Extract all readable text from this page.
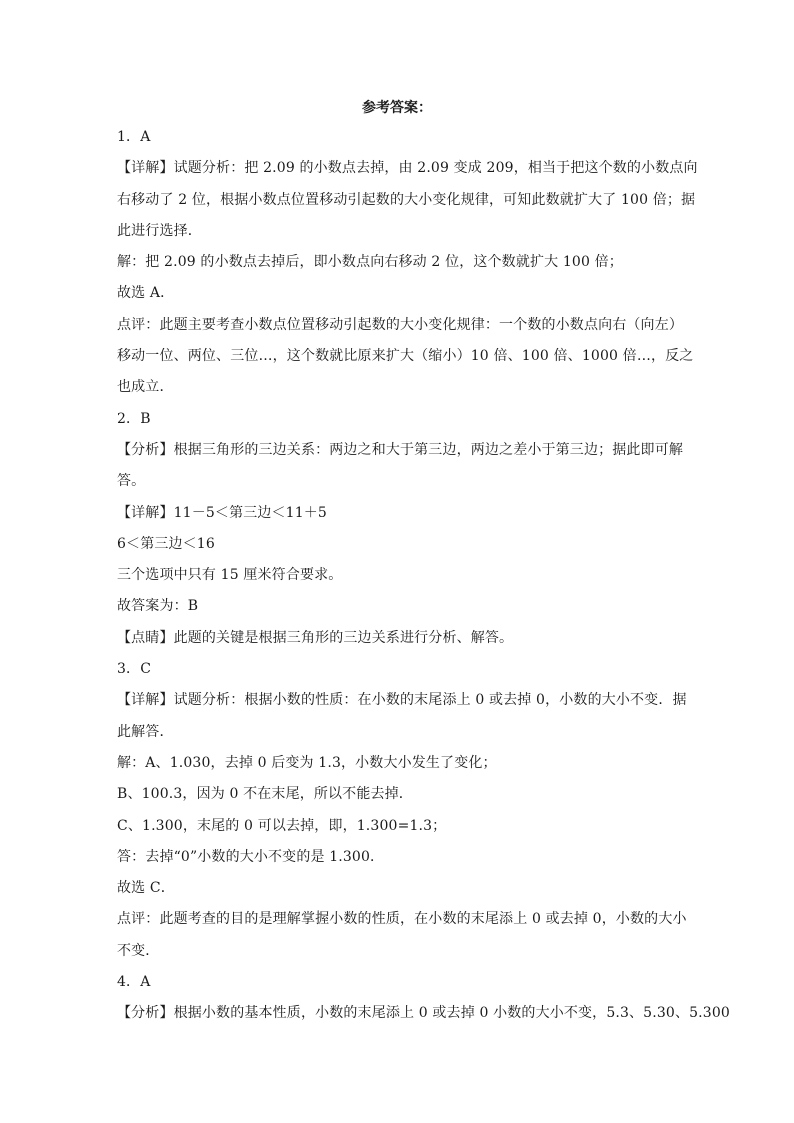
参考答案：
1．A
【详解】试题分析：把 2.09 的小数点去掉，由 2.09 变成 209，相当于把这个数的小数点向
右移动了 2 位，根据小数点位置移动引起数的大小变化规律，可知此数就扩大了 100 倍；据
此进行选择．
解：把 2.09 的小数点去掉后，即小数点向右移动 2 位，这个数就扩大 100 倍；
故选 A．
点评：此题主要考查小数点位置移动引起数的大小变化规律：一个数的小数点向右（向左）
移动一位、两位、三位…，这个数就比原来扩大（缩小）10 倍、100 倍、1000 倍…，反之
也成立．
2．B
【分析】根据三角形的三边关系：两边之和大于第三边，两边之差小于第三边；据此即可解
答。
【详解】11－5＜第三边＜11＋5
6＜第三边＜16
三个选项中只有 15 厘米符合要求。
故答案为：B
【点睛】此题的关键是根据三角形的三边关系进行分析、解答。
3．C
【详解】试题分析：根据小数的性质：在小数的末尾添上 0 或去掉 0，小数的大小不变．据
此解答．
解：A、1.030，去掉 0 后变为 1.3，小数大小发生了变化；
B、100.3，因为 0 不在末尾，所以不能去掉．
C、1.300，末尾的 0 可以去掉，即，1.300=1.3；
答：去掉“0”小数的大小不变的是 1.300．
故选 C．
点评：此题考查的目的是理解掌握小数的性质，在小数的末尾添上 0 或去掉 0，小数的大小
不变．
4．A
【分析】根据小数的基本性质，小数的末尾添上 0 或去掉 0 小数的大小不变，5.3、5.30、5.300
